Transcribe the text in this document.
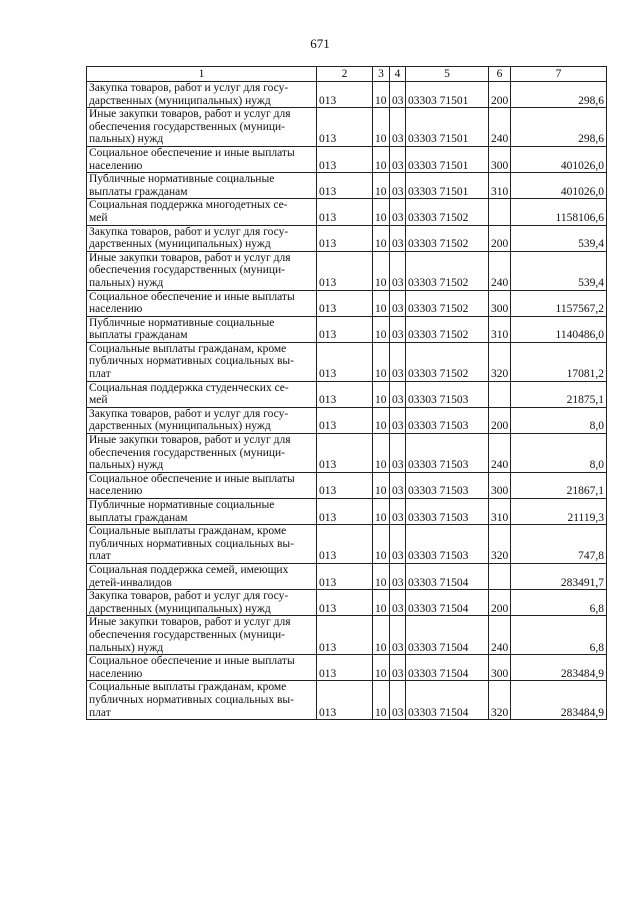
671
1	2	3	4	5	6	7
Закупка товаров, работ и услуг для госу-
дарственных (муниципальных) нужд	013	10	03	03303 71501	200	298,6
Иные закупки товаров, работ и услуг для
обеспечения государственных (муници-
пальных) нужд	013	10	03	03303 71501	240	298,6
Социальное обеспечение и иные выплаты
населению	013	10	03	03303 71501	300	401026,0
Публичные нормативные социальные
выплаты гражданам	013	10	03	03303 71501	310	401026,0
Социальная поддержка многодетных се-
мей	013	10	03	03303 71502		1158106,6
Закупка товаров, работ и услуг для госу-
дарственных (муниципальных) нужд	013	10	03	03303 71502	200	539,4
Иные закупки товаров, работ и услуг для
обеспечения государственных (муници-
пальных) нужд	013	10	03	03303 71502	240	539,4
Социальное обеспечение и иные выплаты
населению	013	10	03	03303 71502	300	1157567,2
Публичные нормативные социальные
выплаты гражданам	013	10	03	03303 71502	310	1140486,0
Социальные выплаты гражданам, кроме
публичных нормативных социальных вы-
плат	013	10	03	03303 71502	320	17081,2
Социальная поддержка студенческих се-
мей	013	10	03	03303 71503		21875,1
Закупка товаров, работ и услуг для госу-
дарственных (муниципальных) нужд	013	10	03	03303 71503	200	8,0
Иные закупки товаров, работ и услуг для
обеспечения государственных (муници-
пальных) нужд	013	10	03	03303 71503	240	8,0
Социальное обеспечение и иные выплаты
населению	013	10	03	03303 71503	300	21867,1
Публичные нормативные социальные
выплаты гражданам	013	10	03	03303 71503	310	21119,3
Социальные выплаты гражданам, кроме
публичных нормативных социальных вы-
плат	013	10	03	03303 71503	320	747,8
Социальная поддержка семей, имеющих
детей-инвалидов	013	10	03	03303 71504		283491,7
Закупка товаров, работ и услуг для госу-
дарственных (муниципальных) нужд	013	10	03	03303 71504	200	6,8
Иные закупки товаров, работ и услуг для
обеспечения государственных (муници-
пальных) нужд	013	10	03	03303 71504	240	6,8
Социальное обеспечение и иные выплаты
населению	013	10	03	03303 71504	300	283484,9
Социальные выплаты гражданам, кроме
публичных нормативных социальных вы-
плат	013	10	03	03303 71504	320	283484,9
